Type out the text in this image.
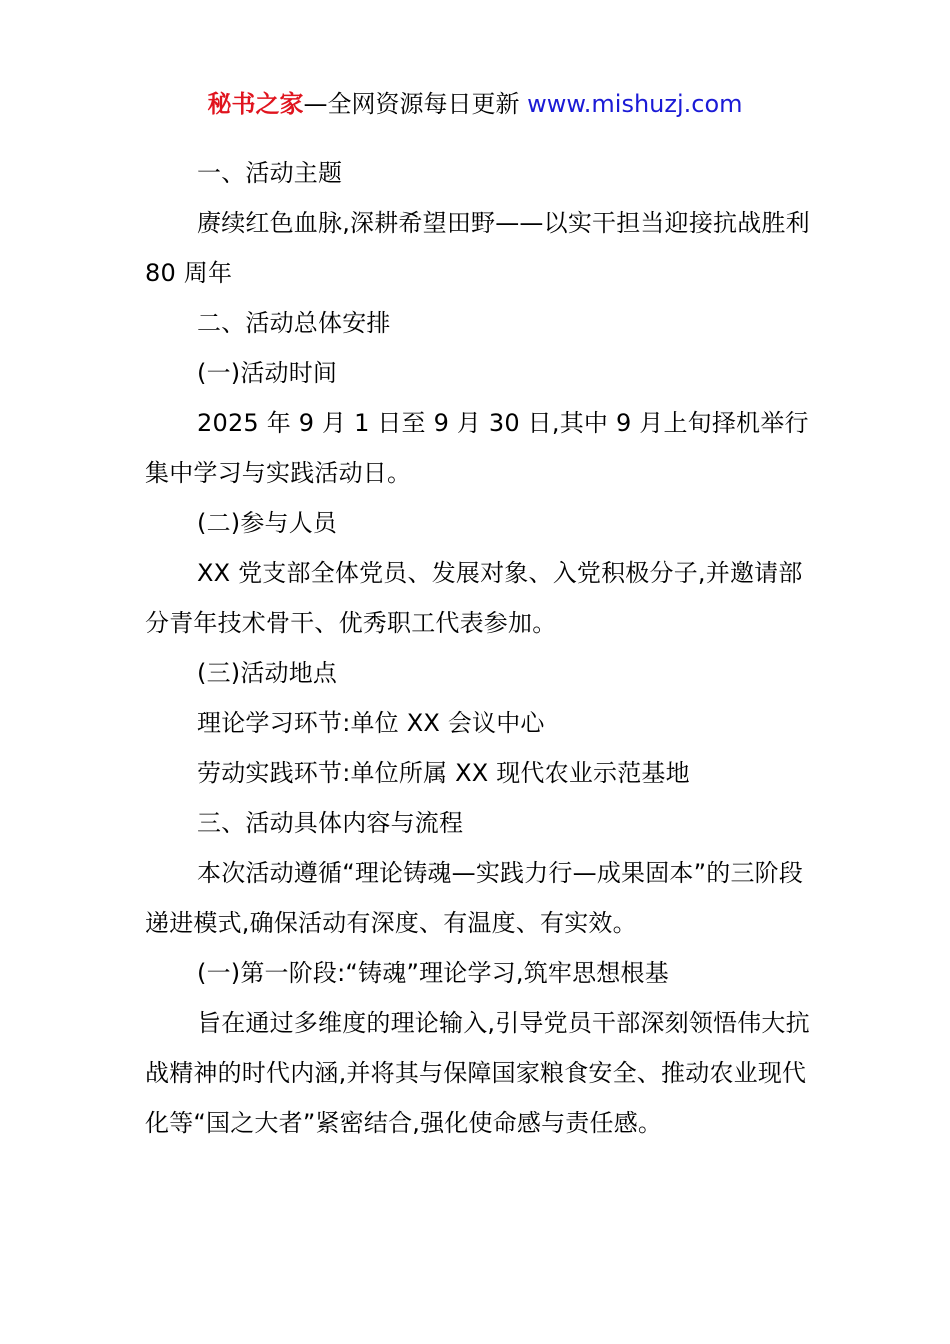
秘书之家—全网资源每日更新 www.mishuzj.com

一、活动主题

赓续红色血脉,深耕希望田野——以实干担当迎接抗战胜利 80 周年

二、活动总体安排

(一)活动时间

2025 年 9 月 1 日至 9 月 30 日,其中 9 月上旬择机举行集中学习与实践活动日。

(二)参与人员

XX 党支部全体党员、发展对象、入党积极分子,并邀请部分青年技术骨干、优秀职工代表参加。

(三)活动地点

理论学习环节:单位 XX 会议中心

劳动实践环节:单位所属 XX 现代农业示范基地

三、活动具体内容与流程

本次活动遵循“理论铸魂—实践力行—成果固本”的三阶段递进模式,确保活动有深度、有温度、有实效。

(一)第一阶段:“铸魂”理论学习,筑牢思想根基

旨在通过多维度的理论输入,引导党员干部深刻领悟伟大抗战精神的时代内涵,并将其与保障国家粮食安全、推动农业现代化等“国之大者”紧密结合,强化使命感与责任感。
